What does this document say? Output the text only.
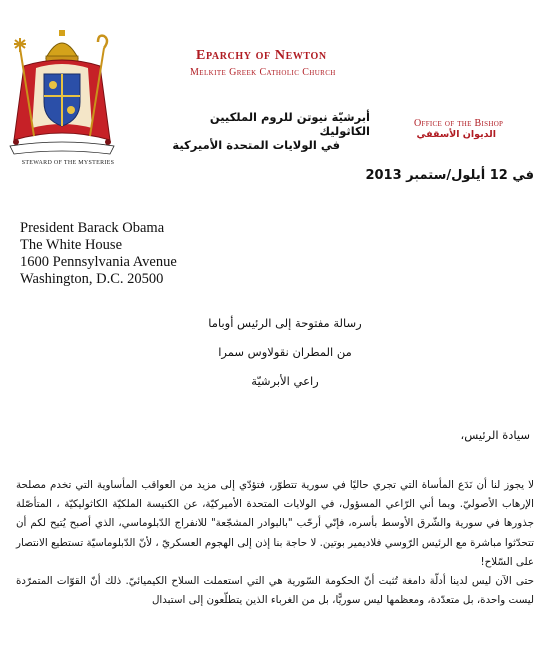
STEWARD OF THE MYSTERIES
Eparchy of Newton
Melkite Greek Catholic Church
أبرشيّة نيوتن للروم الملكيين الكاثوليك
في الولايات المتحدة الأميركية
Office of the Bishop
الديوان الأسقفي
في 12 أيلول/ستمبر 2013
President Barack Obama
The White House
1600 Pennsylvania Avenue
Washington, D.C. 20500
رسالة مفتوحة إلى الرئيس أوباما
من المطران نقولاوس سمرا
راعي الأبرشيّة
سيادة الرئيس،

لا يجوز لنا أن نَدَع المأساة التي تجري حاليًا في سورية تتطوّر، فتؤدّي إلى مزيد من العواقب المأساوية التي تخدم مصلحة الإرهاب الأصوليّ. وبما أني الرّاعي المسؤول، في الولايات المتحدة الأميركيّة، عن الكنيسة الملكيّة الكاثوليكيّة ، المتأصّلة جذورها في سورية والشّرق الأوسط بأسره، فإنّي أرحّب "بالبوادر المشجّعة" للانفراج الدّبلوماسي، الذي أصبح يُتيح لكم أن تتحدّثوا مباشرة مع الرئيس الرّوسي فلاديمير بوتين. لا حاجة بنا إذن إلى الهجوم العسكريّ ، لأنّ الدّبلوماسيّة تستطيع الانتصار على السّلاح!

حتى الآن ليس لدينا أدلّة دامغة تُثبت أنّ الحكومة السّورية هي التي استعملت السلاح الكيميائيّ. ذلك أنّ القوّات المتمرّدة ليست واحدة، بل متعدّدة، ومعظمها ليس سوريًّا، بل من الغرباء الذين يتطلّعون إلى استبدال
